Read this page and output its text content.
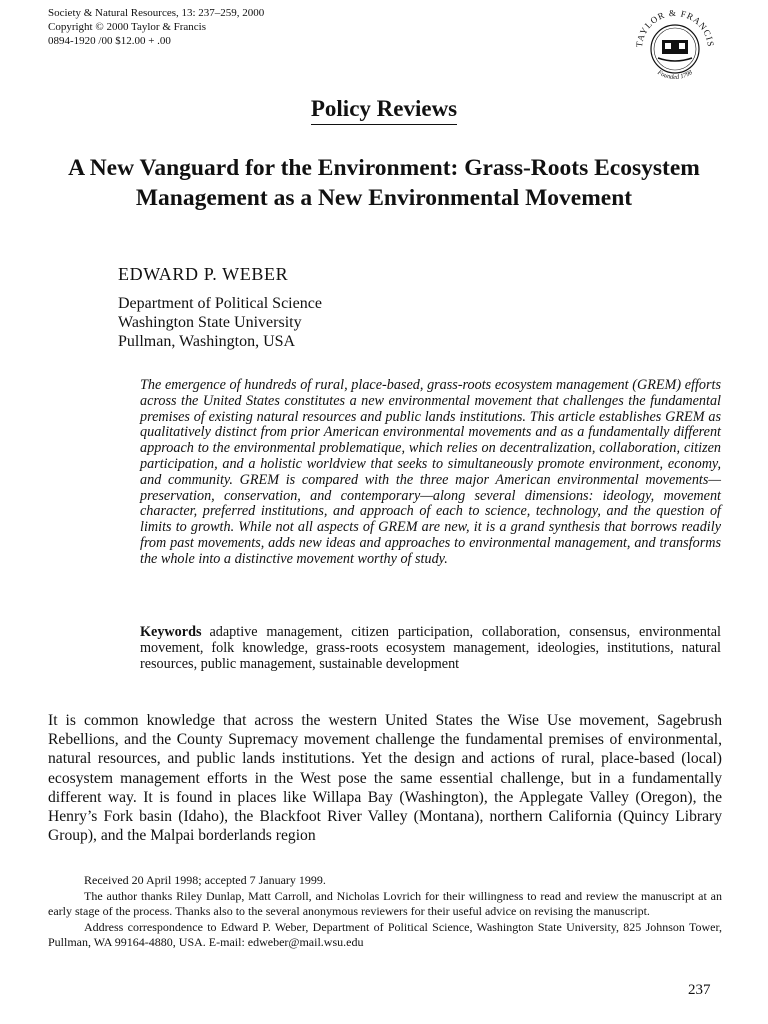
Society & Natural Resources, 13: 237–259, 2000
Copyright © 2000 Taylor & Francis
0894-1920 /00 $12.00 + .00	TAYLOR & FRANCIS
Founded 1798
Policy Reviews
A New Vanguard for the Environment: Grass-Roots Ecosystem Management as a New Environmental Movement
EDWARD P. WEBER
Department of Political Science
Washington State University
Pullman, Washington, USA
The emergence of hundreds of rural, place-based, grass-roots ecosystem management (GREM) efforts across the United States constitutes a new environmental movement that challenges the fundamental premises of existing natural resources and public lands institutions. This article establishes GREM as qualitatively distinct from prior American environmental movements and as a fundamentally different approach to the environmental problematique, which relies on decentralization, collaboration, citizen participation, and a holistic worldview that seeks to simultaneously promote environment, economy, and community. GREM is compared with the three major American environmental movements—preservation, conservation, and contemporary—along several dimensions: ideology, movement character, preferred institutions, and approach of each to science, technology, and the question of limits to growth. While not all aspects of GREM are new, it is a grand synthesis that borrows readily from past movements, adds new ideas and approaches to environmental management, and transforms the whole into a distinctive movement worthy of study.
Keywords adaptive management, citizen participation, collaboration, consensus, environmental movement, folk knowledge, grass-roots ecosystem management, ideologies, institutions, natural resources, public management, sustainable development
It is common knowledge that across the western United States the Wise Use movement, Sagebrush Rebellions, and the County Supremacy movement challenge the fundamental premises of environmental, natural resources, and public lands institutions. Yet the design and actions of rural, place-based (local) ecosystem management efforts in the West pose the same essential challenge, but in a fundamentally different way. It is found in places like Willapa Bay (Washington), the Applegate Valley (Oregon), the Henry’s Fork basin (Idaho), the Blackfoot River Valley (Montana), northern California (Quincy Library Group), and the Malpai borderlands region
Received 20 April 1998; accepted 7 January 1999.
The author thanks Riley Dunlap, Matt Carroll, and Nicholas Lovrich for their willingness to read and review the manuscript at an early stage of the process. Thanks also to the several anonymous reviewers for their useful advice on revising the manuscript.
Address correspondence to Edward P. Weber, Department of Political Science, Washington State University, 825 Johnson Tower, Pullman, WA 99164-4880, USA. E-mail: edweber@mail.wsu.edu
237
